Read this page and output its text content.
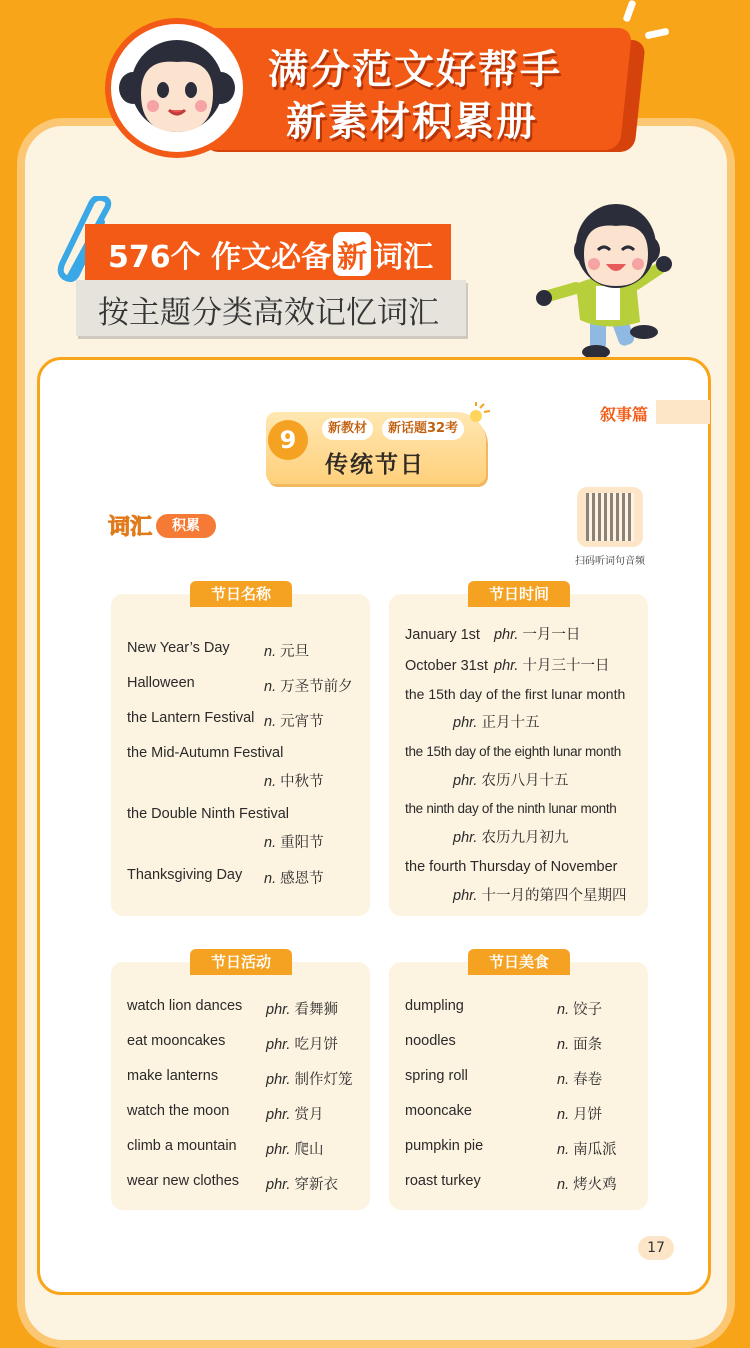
满分范文好帮手
新素材积累册
576个 作文必备 新 词汇
按主题分类高效记忆词汇
叙事篇
9	新教材	新话题32考
传统节日
词汇	积累
扫码听词句音频
节日名称
New Year’s Day n. 元旦
Halloween	n. 万圣节前夕
the Lantern Festival n. 元宵节
the Mid-Autumn Festival
n. 中秋节
the Double Ninth Festival
n. 重阳节
Thanksgiving Day n. 感恩节
节日时间
January 1st phr. 一月一日
October 31st phr. 十月三十一日
the 15th day of the first lunar month
phr. 正月十五
the 15th day of the eighth lunar month
phr. 农历八月十五
the ninth day of the ninth lunar month
phr. 农历九月初九
the fourth Thursday of November
phr. 十一月的第四个星期四
节日活动
watch lion dances phr. 看舞狮
eat mooncakes	phr. 吃月饼
make lanterns	phr. 制作灯笼
watch the moon	phr. 赏月
climb a mountain phr. 爬山
wear new clothes phr. 穿新衣
节日美食
dumpling	n. 饺子
noodles	n. 面条
spring roll	n. 春卷
mooncake	n. 月饼
pumpkin pie	n. 南瓜派
roast turkey	n. 烤火鸡
17
